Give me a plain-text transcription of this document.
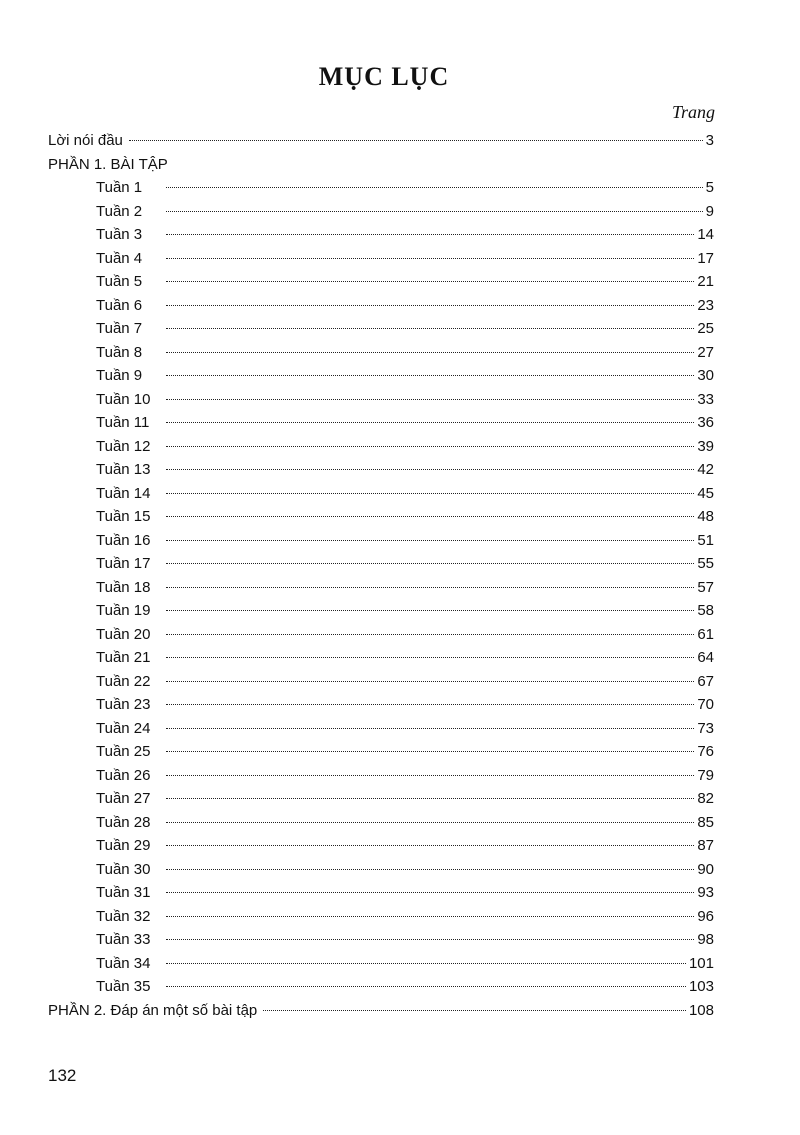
MỤC LỤC
Trang
Lời nói đầu	3
PHẦN 1. BÀI TẬP
Tuần 1	5
Tuần 2	9
Tuần 3	14
Tuần 4	17
Tuần 5	21
Tuần 6	23
Tuần 7	25
Tuần 8	27
Tuần 9	30
Tuần 10	33
Tuần 11	36
Tuần 12	39
Tuần 13	42
Tuần 14	45
Tuần 15	48
Tuần 16	51
Tuần 17	55
Tuần 18	57
Tuần 19	58
Tuần 20	61
Tuần 21	64
Tuần 22	67
Tuần 23	70
Tuần 24	73
Tuần 25	76
Tuần 26	79
Tuần 27	82
Tuần 28	85
Tuần 29	87
Tuần 30	90
Tuần 31	93
Tuần 32	96
Tuần 33	98
Tuần 34	101
Tuần 35	103
PHẦN 2. Đáp án một số bài tập	108
132
